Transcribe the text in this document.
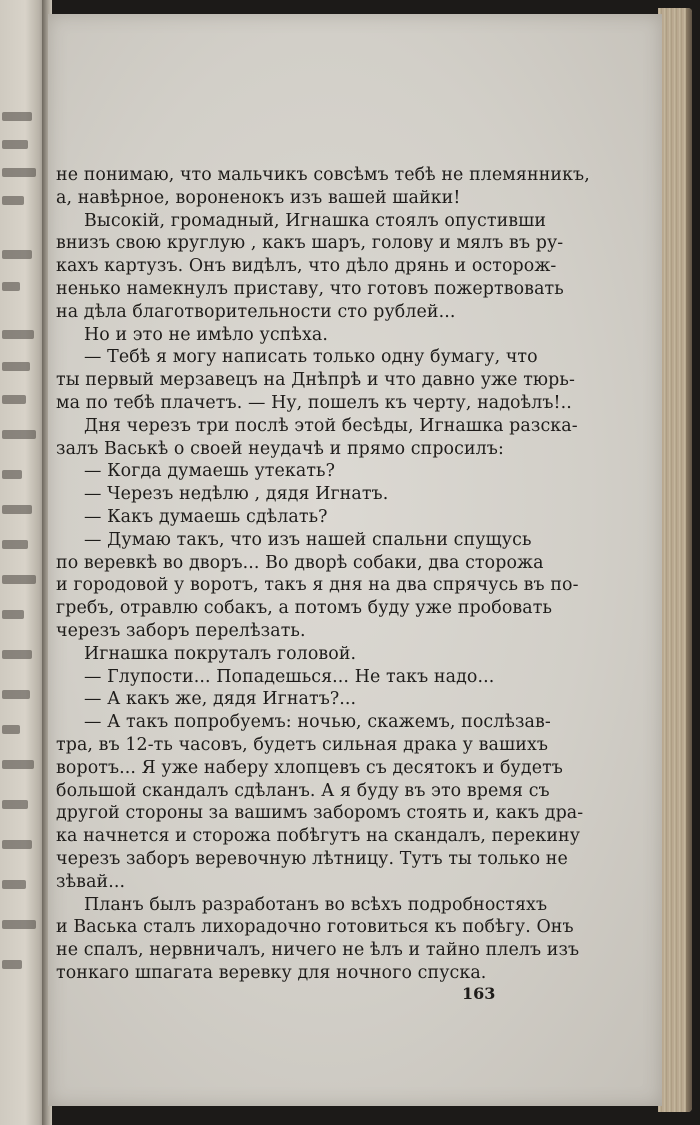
не понимаю, что мальчикъ совсѣмъ тебѣ не племянникъ,
а, навѣрное, вороненокъ изъ вашей шайки!
Высокій, громадный, Игнашка стоялъ опустивши
внизъ свою круглую , какъ шаръ, голову и мялъ въ ру-
кахъ картузъ. Онъ видѣлъ, что дѣло дрянь и осторож-
ненько намекнулъ приставу, что готовъ пожертвовать
на дѣла благотворительности сто рублей...
Но и это не имѣло успѣха.
— Тебѣ я могу написать только одну бумагу, что
ты первый мерзавецъ на Днѣпрѣ и что давно уже тюрь-
ма по тебѣ плачетъ. — Ну, пошелъ къ черту, надоѣлъ!..
Дня черезъ три послѣ этой бесѣды, Игнашка разска-
залъ Васькѣ о своей неудачѣ и прямо спросилъ:
— Когда думаешь утекать?
— Черезъ недѣлю , дядя Игнатъ.
— Какъ думаешь сдѣлать?
— Думаю такъ, что изъ нашей спальни спущусь
по веревкѣ во дворъ... Во дворѣ собаки, два сторожа
и городовой у воротъ, такъ я дня на два спрячусь въ по-
гребъ, отравлю собакъ, а потомъ буду уже пробовать
черезъ заборъ перелѣзать.
Игнашка покруталъ головой.
— Глупости... Попадешься... Не такъ надо...
— А какъ же, дядя Игнатъ?...
— А такъ попробуемъ: ночью, скажемъ, послѣзав-
тра, въ 12-ть часовъ, будетъ сильная драка у вашихъ
воротъ... Я уже наберу хлопцевъ съ десятокъ и будетъ
большой скандалъ сдѣланъ. А я буду въ это время съ
другой стороны за вашимъ заборомъ стоять и, какъ дра-
ка начнется и сторожа побѣгутъ на скандалъ, перекину
черезъ заборъ веревочную лѣтницу. Тутъ ты только не
зѣвай...
Планъ былъ разработанъ во всѣхъ подробностяхъ
и Васька сталъ лихорадочно готовиться къ побѣгу. Онъ
не спалъ, нервничалъ, ничего не ѣлъ и тайно плелъ изъ
тонкаго шпагата веревку для ночного спуска.
163
